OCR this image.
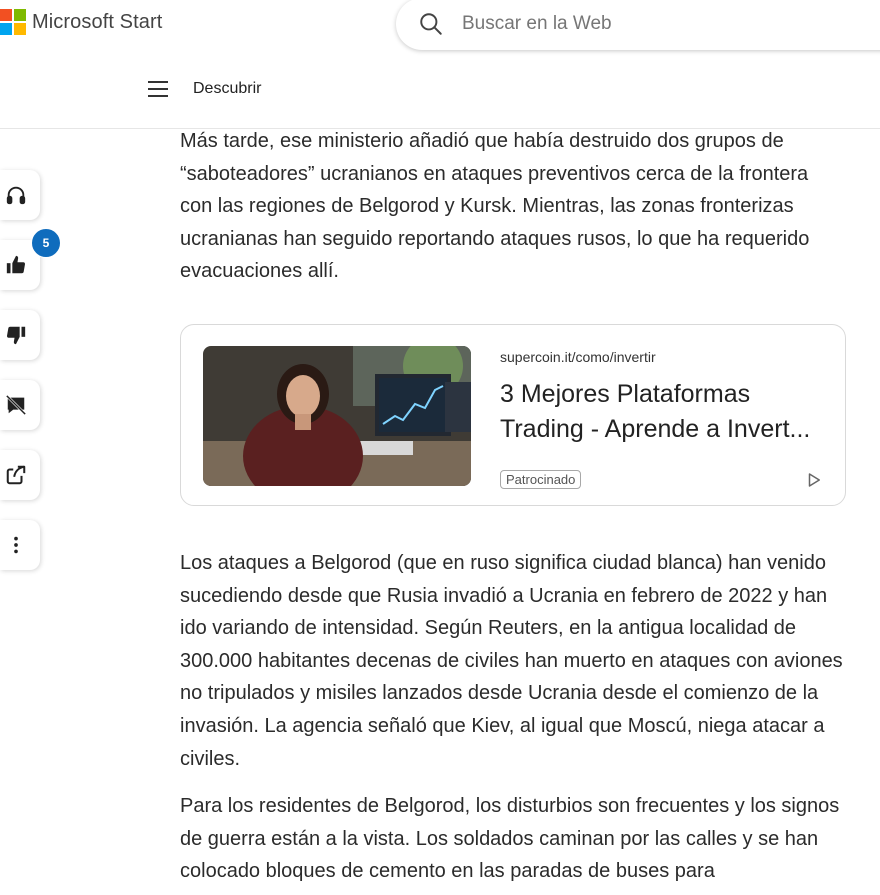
Microsoft Start
Buscar en la Web
Descubrir
5

Más tarde, ese ministerio añadió que había destruido dos grupos de “saboteadores” ucranianos en ataques preventivos cerca de la frontera con las regiones de Belgorod y Kursk. Mientras, las zonas fronterizas ucranianas han seguido reportando ataques rusos, lo que ha requerido evacuaciones allí.

supercoin.it/como/invertir
3 Mejores Plataformas Trading - Aprende a Invert...
Patrocinado

Los ataques a Belgorod (que en ruso significa ciudad blanca) han venido sucediendo desde que Rusia invadió a Ucrania en febrero de 2022 y han ido variando de intensidad. Según Reuters, en la antigua localidad de 300.000 habitantes decenas de civiles han muerto en ataques con aviones no tripulados y misiles lanzados desde Ucrania desde el comienzo de la invasión. La agencia señaló que Kiev, al igual que Moscú, niega atacar a civiles.

Para los residentes de Belgorod, los disturbios son frecuentes y los signos de guerra están a la vista. Los soldados caminan por las calles y se han colocado bloques de cemento en las paradas de buses para
